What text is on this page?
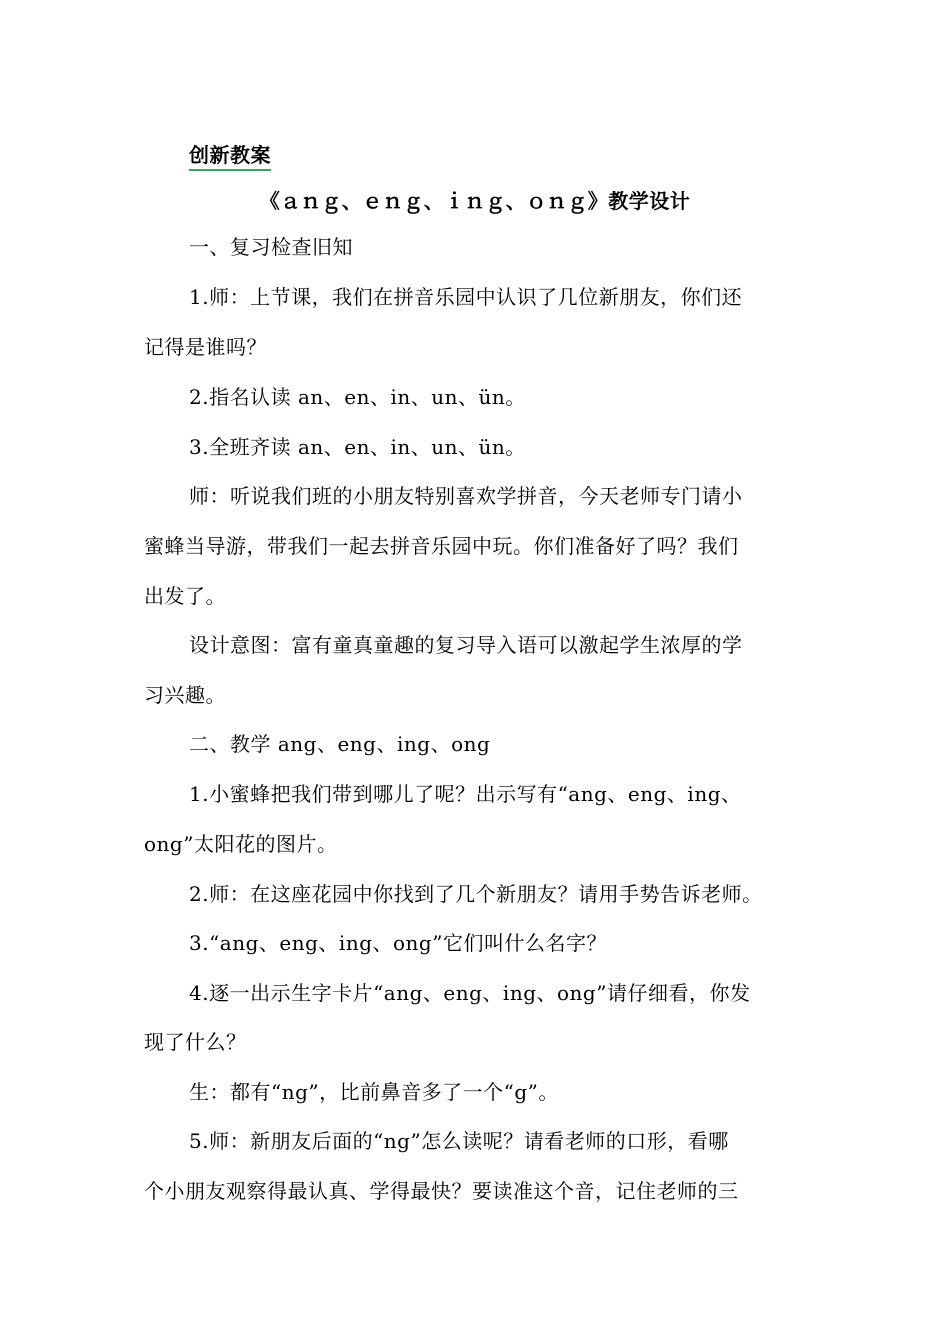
创新教案
《ａｎｇ、ｅｎｇ、ｉｎｇ、ｏｎｇ》教学设计
一、复习检查旧知
1.师：上节课，我们在拼音乐园中认识了几位新朋友，你们还
记得是谁吗？
2.指名认读 an、en、in、un、ün。
3.全班齐读 an、en、in、un、ün。
师：听说我们班的小朋友特别喜欢学拼音，今天老师专门请小
蜜蜂当导游，带我们一起去拼音乐园中玩。你们准备好了吗？我们
出发了。
设计意图：富有童真童趣的复习导入语可以激起学生浓厚的学
习兴趣。
二、教学 ang、eng、ing、ong
1.小蜜蜂把我们带到哪儿了呢？出示写有“ang、eng、ing、
ong”太阳花的图片。
2.师：在这座花园中你找到了几个新朋友？请用手势告诉老师。
3.“ang、eng、ing、ong”它们叫什么名字？
4.逐一出示生字卡片“ang、eng、ing、ong”请仔细看，你发
现了什么？
生：都有“ng”，比前鼻音多了一个“g”。
5.师：新朋友后面的“ng”怎么读呢？请看老师的口形，看哪
个小朋友观察得最认真、学得最快？要读准这个音，记住老师的三
